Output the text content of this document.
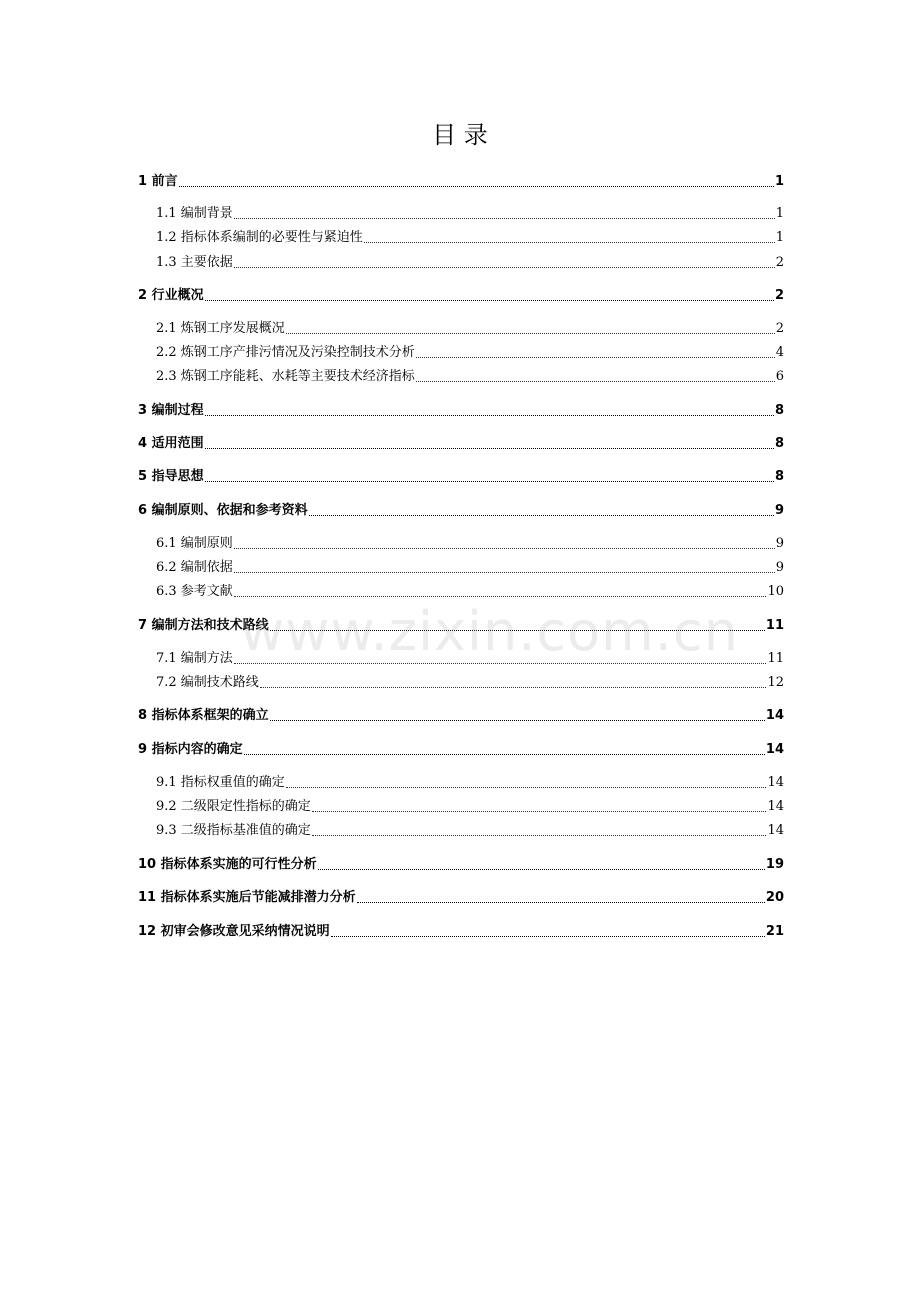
目 录
1 前言	1
1.1 编制背景	1
1.2 指标体系编制的必要性与紧迫性	1
1.3 主要依据	2
2 行业概况	2
2.1 炼钢工序发展概况	2
2.2 炼钢工序产排污情况及污染控制技术分析	4
2.3 炼钢工序能耗、水耗等主要技术经济指标	6
3 编制过程	8
4 适用范围	8
5 指导思想	8
6 编制原则、依据和参考资料	9
6.1 编制原则	9
6.2 编制依据	9
6.3 参考文献	10
7 编制方法和技术路线	11
7.1 编制方法	11
7.2 编制技术路线	12
8 指标体系框架的确立	14
9 指标内容的确定	14
9.1 指标权重值的确定	14
9.2 二级限定性指标的确定	14
9.3 二级指标基准值的确定	14
10 指标体系实施的可行性分析	19
11 指标体系实施后节能减排潜力分析	20
12 初审会修改意见采纳情况说明	21
www.zixin.com.cn
